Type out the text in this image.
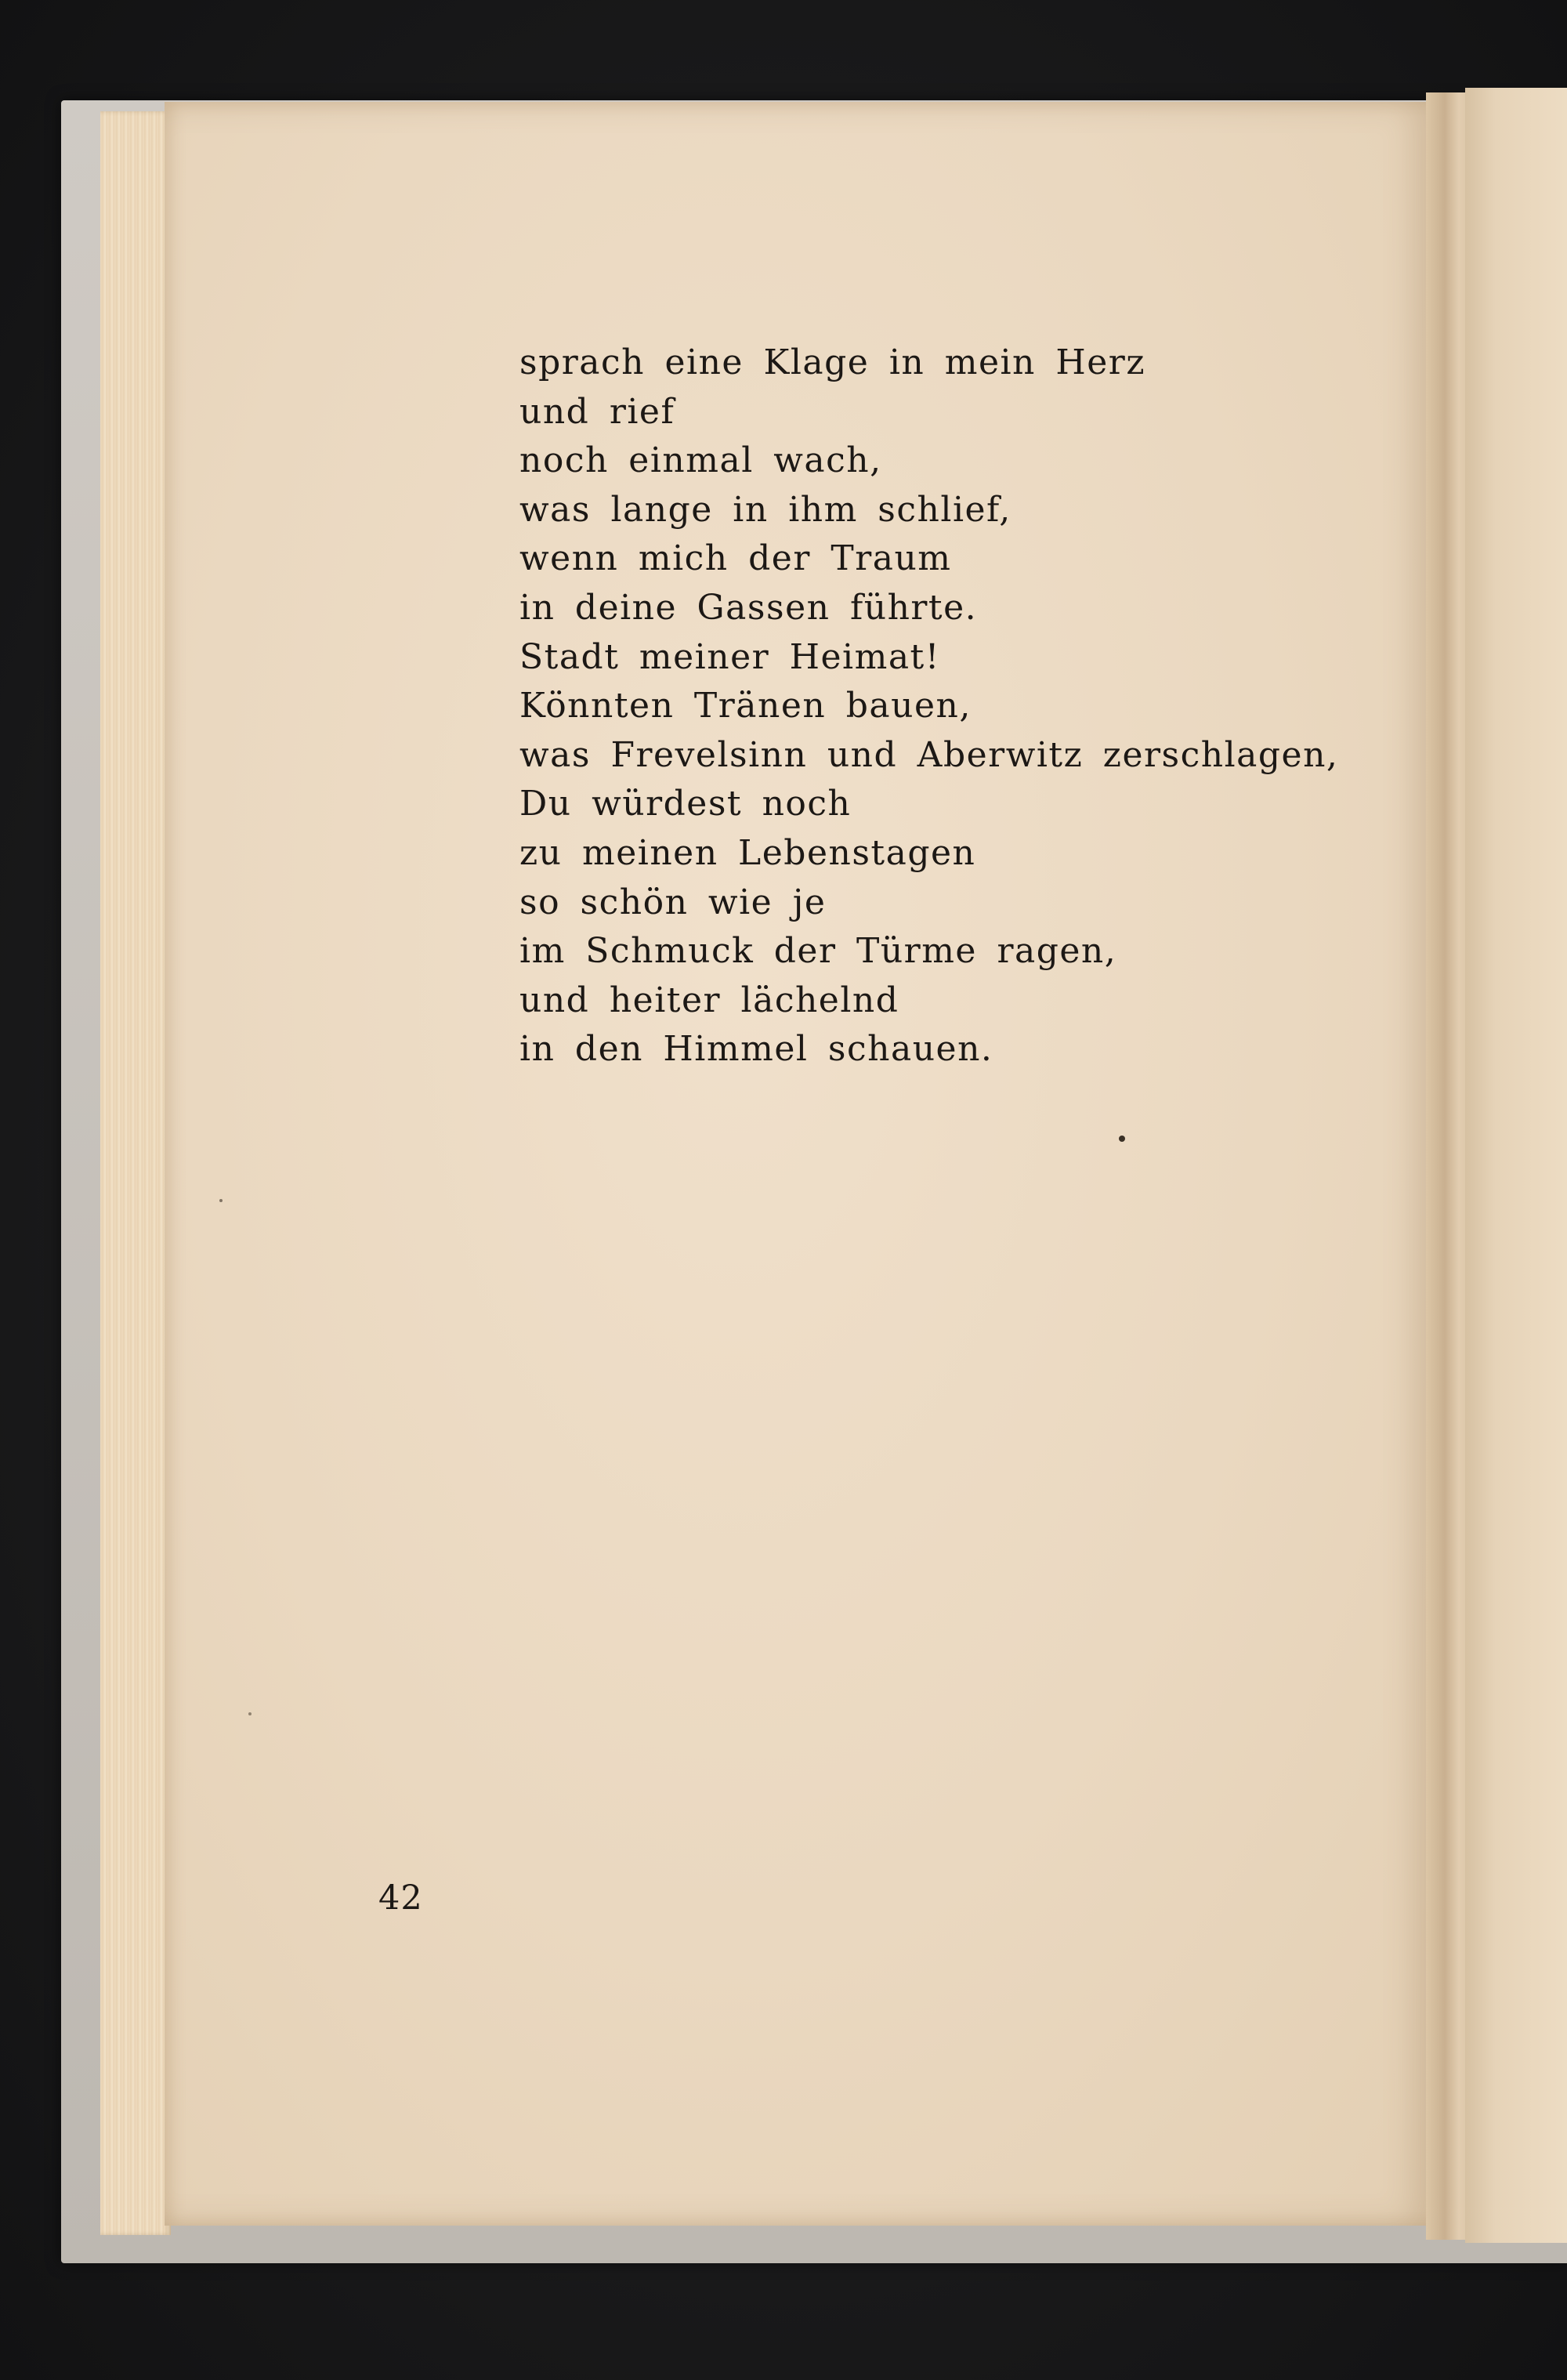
sprach eine Klage in mein Herz
und rief
noch einmal wach,
was lange in ihm schlief,
wenn mich der Traum
in deine Gassen führte.
Stadt meiner Heimat!
Könnten Tränen bauen,
was Frevelsinn und Aberwitz zerschlagen,
Du würdest noch
zu meinen Lebenstagen
so schön wie je
im Schmuck der Türme ragen,
und heiter lächelnd
in den Himmel schauen.
42
